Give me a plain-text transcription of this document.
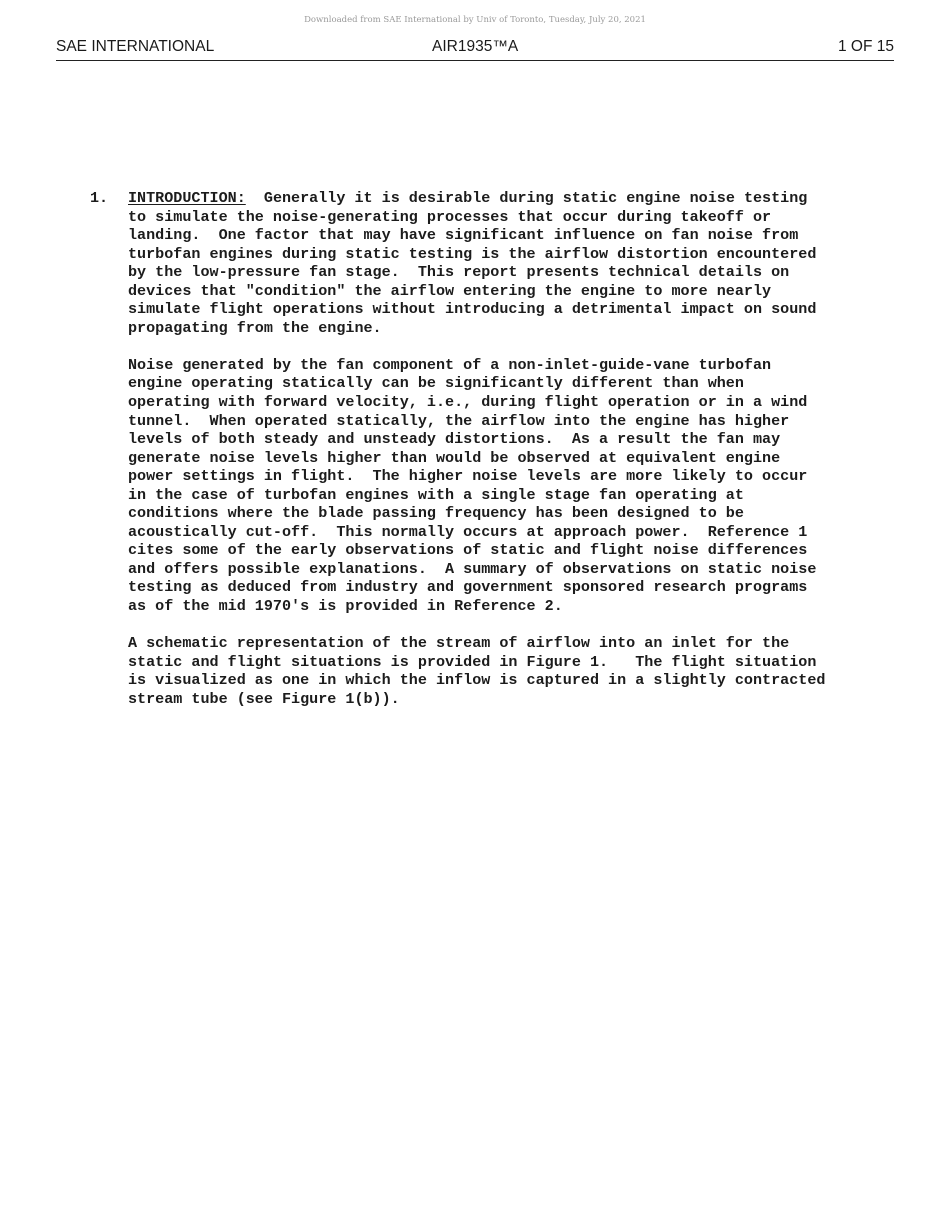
Downloaded from SAE International by Univ of Toronto, Tuesday, July 20, 2021
SAE INTERNATIONAL	AIR1935™A	1 OF 15
1. INTRODUCTION:  Generally it is desirable during static engine noise testing
to simulate the noise-generating processes that occur during takeoff or
landing.  One factor that may have significant influence on fan noise from
turbofan engines during static testing is the airflow distortion encountered
by the low-pressure fan stage.  This report presents technical details on
devices that "condition" the airflow entering the engine to more nearly
simulate flight operations without introducing a detrimental impact on sound
propagating from the engine.
Noise generated by the fan component of a non-inlet-guide-vane turbofan
engine operating statically can be significantly different than when
operating with forward velocity, i.e., during flight operation or in a wind
tunnel.  When operated statically, the airflow into the engine has higher
levels of both steady and unsteady distortions.  As a result the fan may
generate noise levels higher than would be observed at equivalent engine
power settings in flight.  The higher noise levels are more likely to occur
in the case of turbofan engines with a single stage fan operating at
conditions where the blade passing frequency has been designed to be
acoustically cut-off.  This normally occurs at approach power.  Reference 1
cites some of the early observations of static and flight noise differences
and offers possible explanations.  A summary of observations on static noise
testing as deduced from industry and government sponsored research programs
as of the mid 1970's is provided in Reference 2.
A schematic representation of the stream of airflow into an inlet for the
static and flight situations is provided in Figure 1.   The flight situation
is visualized as one in which the inflow is captured in a slightly contracted
stream tube (see Figure 1(b)).
